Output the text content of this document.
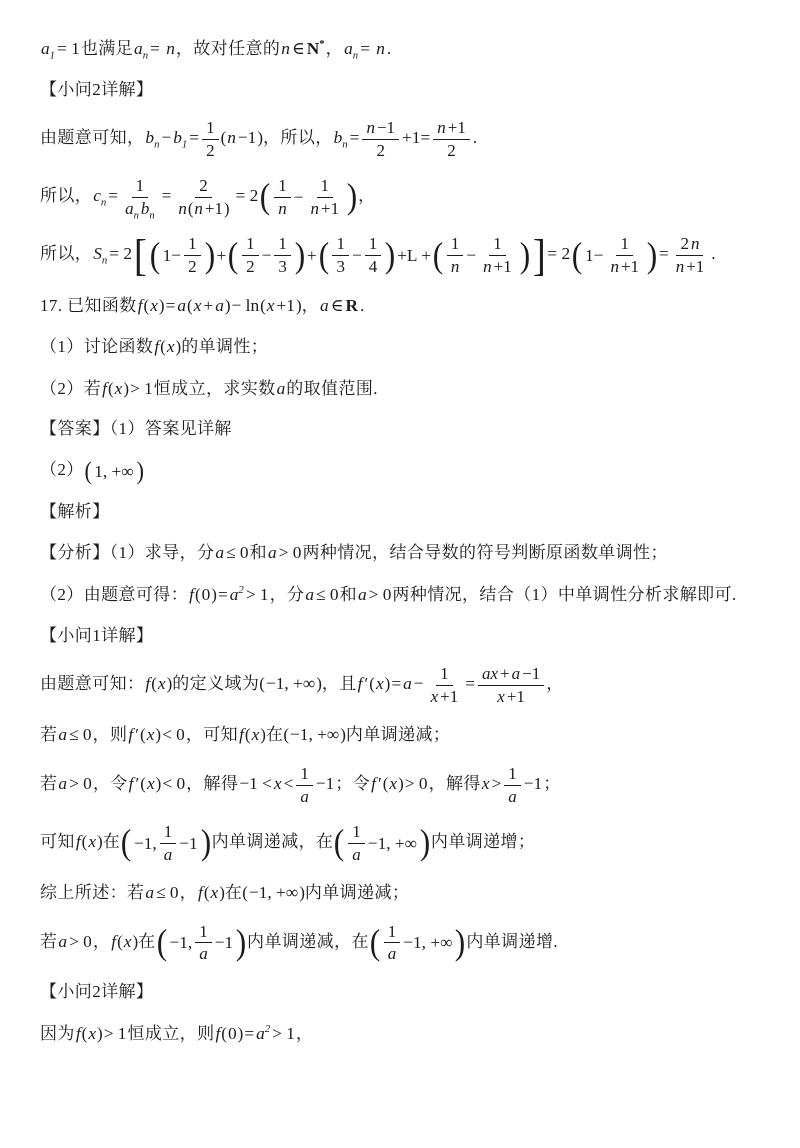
$a_1 = 1$也满足$a_n = n$，故对任意的n ∈ N*，$a_n = n$ .

【小问2详解】

由题意可知，$b_n - b_1 = \frac{1}{2} (n -1)$，所以，$b_n = \frac{n -1}{2} +1= \frac{n +1}{2}$ .

所以，$c_n = \frac{1}{a_n b_n} = \frac{2}{n (n +1)} = 2$ ( $\frac{1}{n} - \frac{1}{n +1}$ ) ，

所以，$S_n = 2$ [ ( $1- \frac{1}{2}$ ) + ( $\frac{1}{2} - \frac{1}{3}$ ) + ( $\frac{1}{3} - \frac{1}{4}$ ) +L + ( $\frac{1}{n} - \frac{1}{n +1}$ ) ] = 2 ( $1- \frac{1}{n +1}$ ) = $\frac{2 n}{n +1}$ .

17. 已知函数f(x)= a(x + a)− ln(x +1)，a ∈ R .

（1）讨论函数f(x)的单调性；

（2）若f(x)> 1恒成立，求实数a的取值范围.

【答案】（1）答案见详解

（2） ( 1, +∞ )

【解析】

【分析】（1）求导，分a ≤ 0和a > 0两种情况，结合导数的符号判断原函数单调性；

（2）由题意可得：$f(0)= a^2 > 1$，分a ≤ 0和a > 0两种情况，结合（1）中单调性分析求解即可.

【小问1详解】

由题意可知：f(x)的定义域为(−1, +∞)，且f $'(x)= a - \frac{1}{x +1} = \frac{ax + a -1}{x +1}$ ，

若a ≤ 0，则f ′(x)< 0，可知f(x)在(−1, +∞)内单调递减；

若a > 0，令f ′(x)< 0，解得$-1 < x < \frac{1}{a} -1$；令f ′(x)> 0，解得$x > \frac{1}{a} -1$；

可知f(x)在 ( −1, $\frac{1}{a} -1$ ) 内单调递减，在 ( $\frac{1}{a} -1$, +∞ ) 内单调递增；

综上所述：若a ≤ 0，f(x)在(−1, +∞)内单调递减；

若a > 0，f(x)在 ( −1, $\frac{1}{a} -1$ ) 内单调递减，在 ( $\frac{1}{a} -1$, +∞ ) 内单调递增.

【小问2详解】

因为f(x)> 1恒成立，则$f(0)= a^2 > 1$，
